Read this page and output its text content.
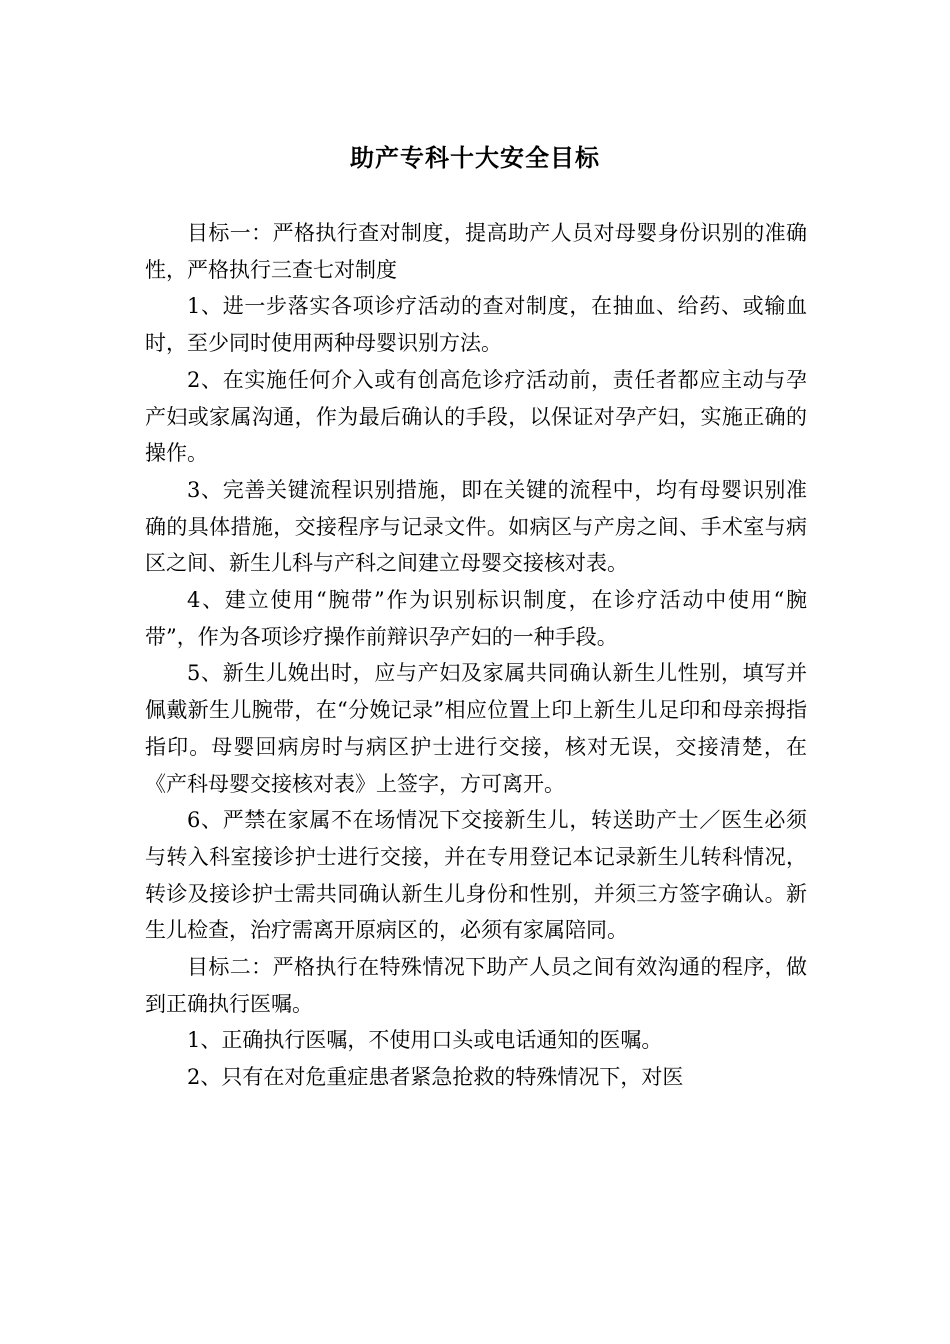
助产专科十大安全目标

目标一：严格执行查对制度，提高助产人员对母婴身份识别的准确性，严格执行三查七对制度

1、进一步落实各项诊疗活动的查对制度，在抽血、给药、或输血时，至少同时使用两种母婴识别方法。

2、在实施任何介入或有创高危诊疗活动前，责任者都应主动与孕产妇或家属沟通，作为最后确认的手段，以保证对孕产妇，实施正确的操作。

3、完善关键流程识别措施，即在关键的流程中，均有母婴识别准确的具体措施，交接程序与记录文件。如病区与产房之间、手术室与病区之间、新生儿科与产科之间建立母婴交接核对表。

4、建立使用“腕带”作为识别标识制度，在诊疗活动中使用“腕带”，作为各项诊疗操作前辩识孕产妇的一种手段。

5、新生儿娩出时，应与产妇及家属共同确认新生儿性别，填写并佩戴新生儿腕带，在“分娩记录”相应位置上印上新生儿足印和母亲拇指指印。母婴回病房时与病区护士进行交接，核对无误，交接清楚，在《产科母婴交接核对表》上签字，方可离开。

6、严禁在家属不在场情况下交接新生儿，转送助产士／医生必须与转入科室接诊护士进行交接，并在专用登记本记录新生儿转科情况，转诊及接诊护士需共同确认新生儿身份和性别，并须三方签字确认。新生儿检查，治疗需离开原病区的，必须有家属陪同。

目标二：严格执行在特殊情况下助产人员之间有效沟通的程序，做到正确执行医嘱。

1、正确执行医嘱，不使用口头或电话通知的医嘱。

2、只有在对危重症患者紧急抢救的特殊情况下，对医
